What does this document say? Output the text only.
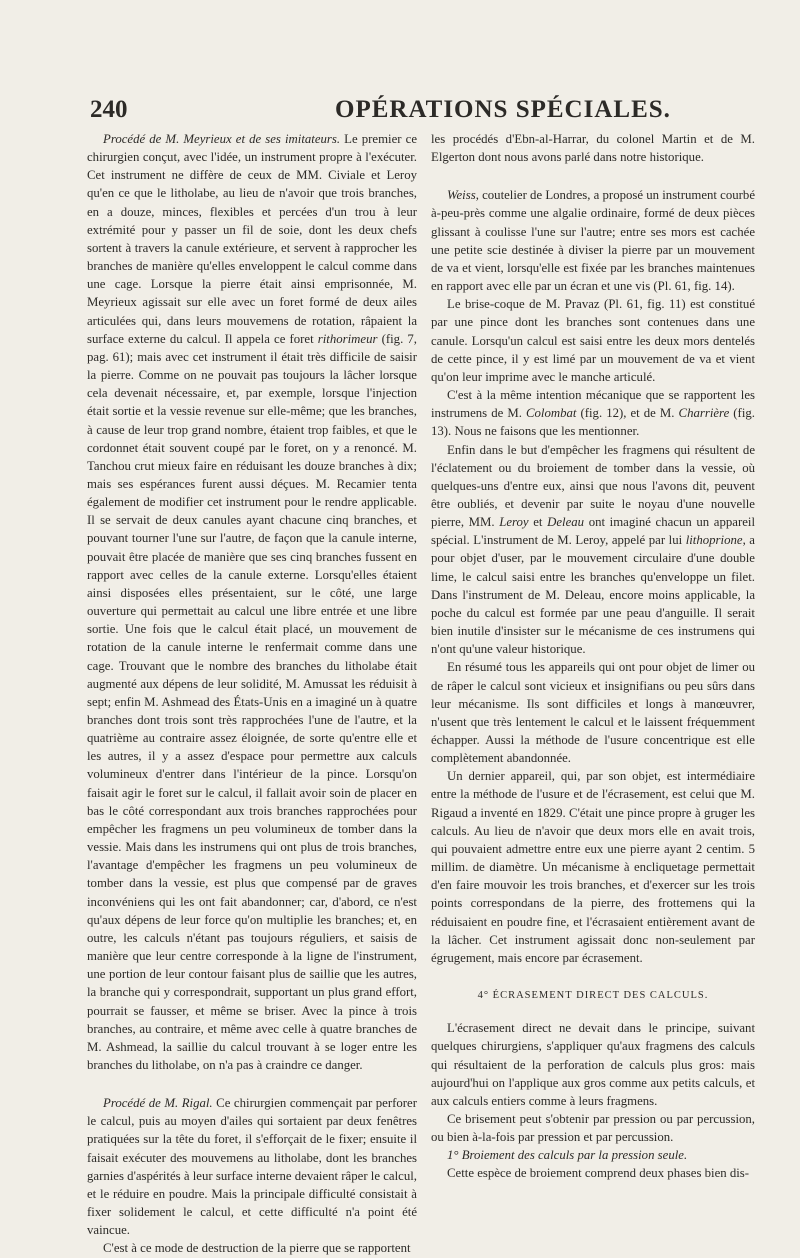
240	OPÉRATIONS SPÉCIALES.

Procédé de M. Meyrieux et de ses imitateurs. Le premier ce chirurgien conçut, avec l'idée, un instrument propre à l'exécuter. Cet instrument ne diffère de ceux de MM. Civiale et Leroy qu'en ce que le litholabe, au lieu de n'avoir que trois branches, en a douze, minces, flexibles et percées d'un trou à leur extrémité pour y passer un fil de soie, dont les deux chefs sortent à travers la canule extérieure, et servent à rapprocher les branches de manière qu'elles enveloppent le calcul comme dans une cage. Lorsque la pierre était ainsi emprisonnée, M. Meyrieux agissait sur elle avec un foret formé de deux ailes articulées qui, dans leurs mouvemens de rotation, râpaient la surface externe du calcul. Il appela ce foret rithorimeur (fig. 7, pag. 61); mais avec cet instrument il était très difficile de saisir la pierre. Comme on ne pouvait pas toujours la lâcher lorsque cela devenait nécessaire, et, par exemple, lorsque l'injection était sortie et la vessie revenue sur elle-même; que les branches, à cause de leur trop grand nombre, étaient trop faibles, et que le cordonnet était souvent coupé par le foret, on y a renoncé. M. Tanchou crut mieux faire en réduisant les douze branches à dix; mais ses espérances furent aussi déçues. M. Recamier tenta également de modifier cet instrument pour le rendre applicable. Il se servait de deux canules ayant chacune cinq branches, et pouvant tourner l'une sur l'autre, de façon que la canule interne, pouvait être placée de manière que ses cinq branches fussent en rapport avec celles de la canule externe. Lorsqu'elles étaient ainsi disposées elles présentaient, sur le côté, une large ouverture qui permettait au calcul une libre entrée et une libre sortie. Une fois que le calcul était placé, un mouvement de rotation de la canule interne le renfermait comme dans une cage. Trouvant que le nombre des branches du litholabe était augmenté aux dépens de leur solidité, M. Amussat les réduisit à sept; enfin M. Ashmead des États-Unis en a imaginé un à quatre branches dont trois sont très rapprochées l'une de l'autre, et la quatrième au contraire assez éloignée, de sorte qu'entre elle et les autres, il y a assez d'espace pour permettre aux calculs volumineux d'entrer dans l'intérieur de la pince. Lorsqu'on faisait agir le foret sur le calcul, il fallait avoir soin de placer en bas le côté correspondant aux trois branches rapprochées pour empêcher les fragmens un peu volumineux de tomber dans la vessie. Mais dans les instrumens qui ont plus de trois branches, l'avantage d'empêcher les fragmens un peu volumineux de tomber dans la vessie, est plus que compensé par de graves inconvéniens qui les ont fait abandonner; car, d'abord, ce n'est qu'aux dépens de leur force qu'on multiplie les branches; et, en outre, les calculs n'étant pas toujours réguliers, et saisis de manière que leur centre corresponde à la ligne de l'instrument, une portion de leur contour faisant plus de saillie que les autres, la branche qui y correspondrait, supportant un plus grand effort, pourrait se fausser, et même se briser. Avec la pince à trois branches, au contraire, et même avec celle à quatre branches de M. Ashmead, la saillie du calcul trouvant à se loger entre les branches du litholabe, on n'a pas à craindre ce danger.

Procédé de M. Rigal. Ce chirurgien commençait par perforer le calcul, puis au moyen d'ailes qui sortaient par deux fenêtres pratiquées sur la tête du foret, il s'efforçait de le fixer; ensuite il faisait exécuter des mouvemens au litholabe, dont les branches garnies d'aspérités à leur surface interne devaient râper le calcul, et le réduire en poudre. Mais la principale difficulté consistait à fixer solidement le calcul, et cette difficulté n'a point été vaincue.

C'est à ce mode de destruction de la pierre que se rapportent

les procédés d'Ebn-al-Harrar, du colonel Martin et de M. Elgerton dont nous avons parlé dans notre historique.

Weiss, coutelier de Londres, a proposé un instrument courbé à-peu-près comme une algalie ordinaire, formé de deux pièces glissant à coulisse l'une sur l'autre; entre ses mors est cachée une petite scie destinée à diviser la pierre par un mouvement de va et vient, lorsqu'elle est fixée par les branches maintenues en rapport avec elle par un écran et une vis (Pl. 61, fig. 14).

Le brise-coque de M. Pravaz (Pl. 61, fig. 11) est constitué par une pince dont les branches sont contenues dans une canule. Lorsqu'un calcul est saisi entre les deux mors dentelés de cette pince, il y est limé par un mouvement de va et vient qu'on leur imprime avec le manche articulé.

C'est à la même intention mécanique que se rapportent les instrumens de M. Colombat (fig. 12), et de M. Charrière (fig. 13). Nous ne faisons que les mentionner.

Enfin dans le but d'empêcher les fragmens qui résultent de l'éclatement ou du broiement de tomber dans la vessie, où quelques-uns d'entre eux, ainsi que nous l'avons dit, peuvent être oubliés, et devenir par suite le noyau d'une nouvelle pierre, MM. Leroy et Deleau ont imaginé chacun un appareil spécial. L'instrument de M. Leroy, appelé par lui lithoprione, a pour objet d'user, par le mouvement circulaire d'une double lime, le calcul saisi entre les branches qu'enveloppe un filet. Dans l'instrument de M. Deleau, encore moins applicable, la poche du calcul est formée par une peau d'anguille. Il serait bien inutile d'insister sur le mécanisme de ces instrumens qui n'ont qu'une valeur historique.

En résumé tous les appareils qui ont pour objet de limer ou de râper le calcul sont vicieux et insignifians ou peu sûrs dans leur mécanisme. Ils sont difficiles et longs à manœuvrer, n'usent que très lentement le calcul et le laissent fréquemment échapper. Aussi la méthode de l'usure concentrique est elle complètement abandonnée.

Un dernier appareil, qui, par son objet, est intermédiaire entre la méthode de l'usure et de l'écrasement, est celui que M. Rigaud a inventé en 1829. C'était une pince propre à gruger les calculs. Au lieu de n'avoir que deux mors elle en avait trois, qui pouvaient admettre entre eux une pierre ayant 2 centim. 5 millim. de diamètre. Un mécanisme à encliquetage permettait d'en faire mouvoir les trois branches, et d'exercer sur les trois points correspondans de la pierre, des frottemens qui la réduisaient en poudre fine, et l'écrasaient entièrement avant de la lâcher. Cet instrument agissait donc non-seulement par égrugement, mais encore par écrasement.

4° ÉCRASEMENT DIRECT DES CALCULS.

L'écrasement direct ne devait dans le principe, suivant quelques chirurgiens, s'appliquer qu'aux fragmens des calculs qui résultaient de la perforation de calculs plus gros: mais aujourd'hui on l'applique aux gros comme aux petits calculs, et aux calculs entiers comme à leurs fragmens.

Ce brisement peut s'obtenir par pression ou par percussion, ou bien à-la-fois par pression et par percussion.

1° Broiement des calculs par la pression seule.

Cette espèce de broiement comprend deux phases bien dis-
